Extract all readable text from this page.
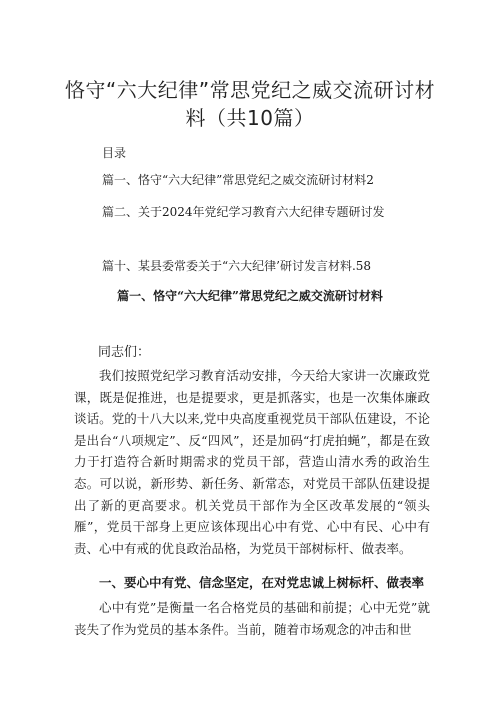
恪守“六大纪律”常思党纪之威交流研讨材
料（共10篇）
目录
篇一、恪守“六大纪律”常思党纪之威交流研讨材料2
篇二、关于2024年党纪学习教育六大纪律专题研讨发
篇十、某县委常委关于“六大纪律’研讨发言材料.58
篇一、恪守“六大纪律”常思党纪之威交流研讨材料
同志们：

我们按照党纪学习教育活动安排，今天给大家讲一次廉政党课，既是促推进，也是提要求，更是抓落实，也是一次集体廉政谈话。党的十八大以来,党中央高度重视党员干部队伍建设，不论是出台“八项规定”、反“四风”，还是加码“打虎拍蝇”，都是在致力于打造符合新时期需求的党员干部，营造山清水秀的政治生态。可以说，新形势、新任务、新常态，对党员干部队伍建设提出了新的更高要求。机关党员干部作为全区改革发展的“领头雁”，党员干部身上更应该体现出心中有党、心中有民、心中有责、心中有戒的优良政治品格，为党员干部树标杆、做表率。

一、要心中有党、信念坚定，在对党忠诚上树标杆、做表率

心中有党”是衡量一名合格党员的基础和前提；心中无党”就丧失了作为党员的基本条件。当前，随着市场观念的冲击和世
